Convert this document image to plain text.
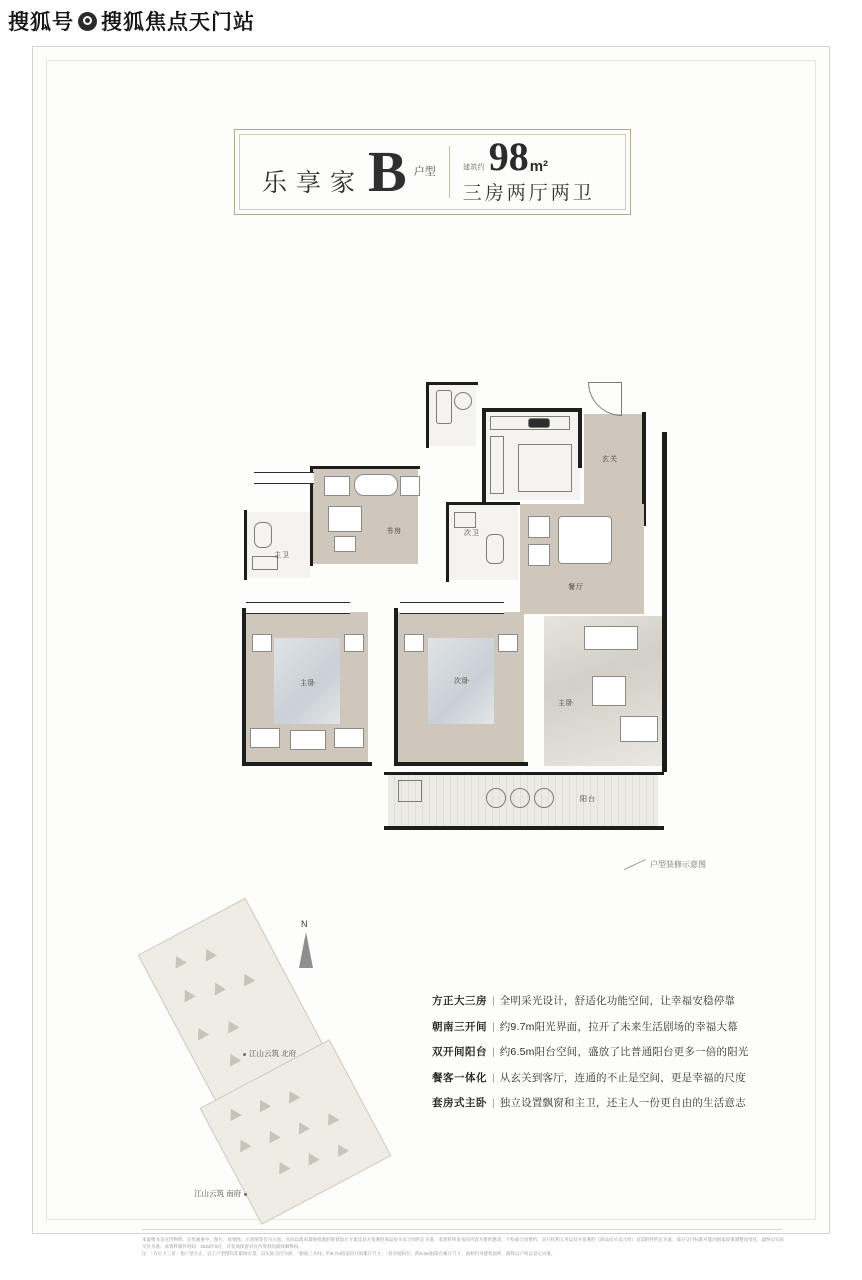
搜狐号 搜狐焦点天门站
乐享家 B 户型	建筑约 98 m²
三房两厅两卫
玄关
书房	次卫
主卫
餐厅
主卧
主卧	次卧
阳台
户型装修示意图
N
江山云筑 北府
江山云筑 南府
方正大三房 | 全明采光设计，舒适化功能空间，让幸福安稳停靠
朝南三开间 | 约9.7m阳光界面，拉开了未来生活剧场的幸福大幕
双开间阳台 | 约6.5m阳台空间，盛放了比普通阳台更多一倍的阳光
餐客一体化 | 从玄关到客厅，连通的不止是空间，更是幸福的尺度
套房式主卧 | 独立设置飘窗和主卫，还主人一份更自由的生活意志
本案楼书及宣传物料、宣传画册中，图片、效果图、示意图等仅为示意，实际以政府最终批准的规划设计方案及双方签署的商品房买卖合同约定为准；本资料所发布的内容为要约邀请，不构成合同要约，双方权利义务以双方签署的《商品房买卖合同》及其附件约定为准；部分交付标准可能因国家政策调整而变化，最终以实际交付为准；本资料制作时间：2023年9月，开发商保留对宣传资料的最终解释权。
注：「方正大三房」指户型方正，以上户型图均非最终实景，以实际交付为准；「朝南三开间」约9.7m指南向开间累计尺寸；「双开间阳台」约6.5m指阳台累计尺寸；面积均为建筑面积，最终以产权证登记为准。
